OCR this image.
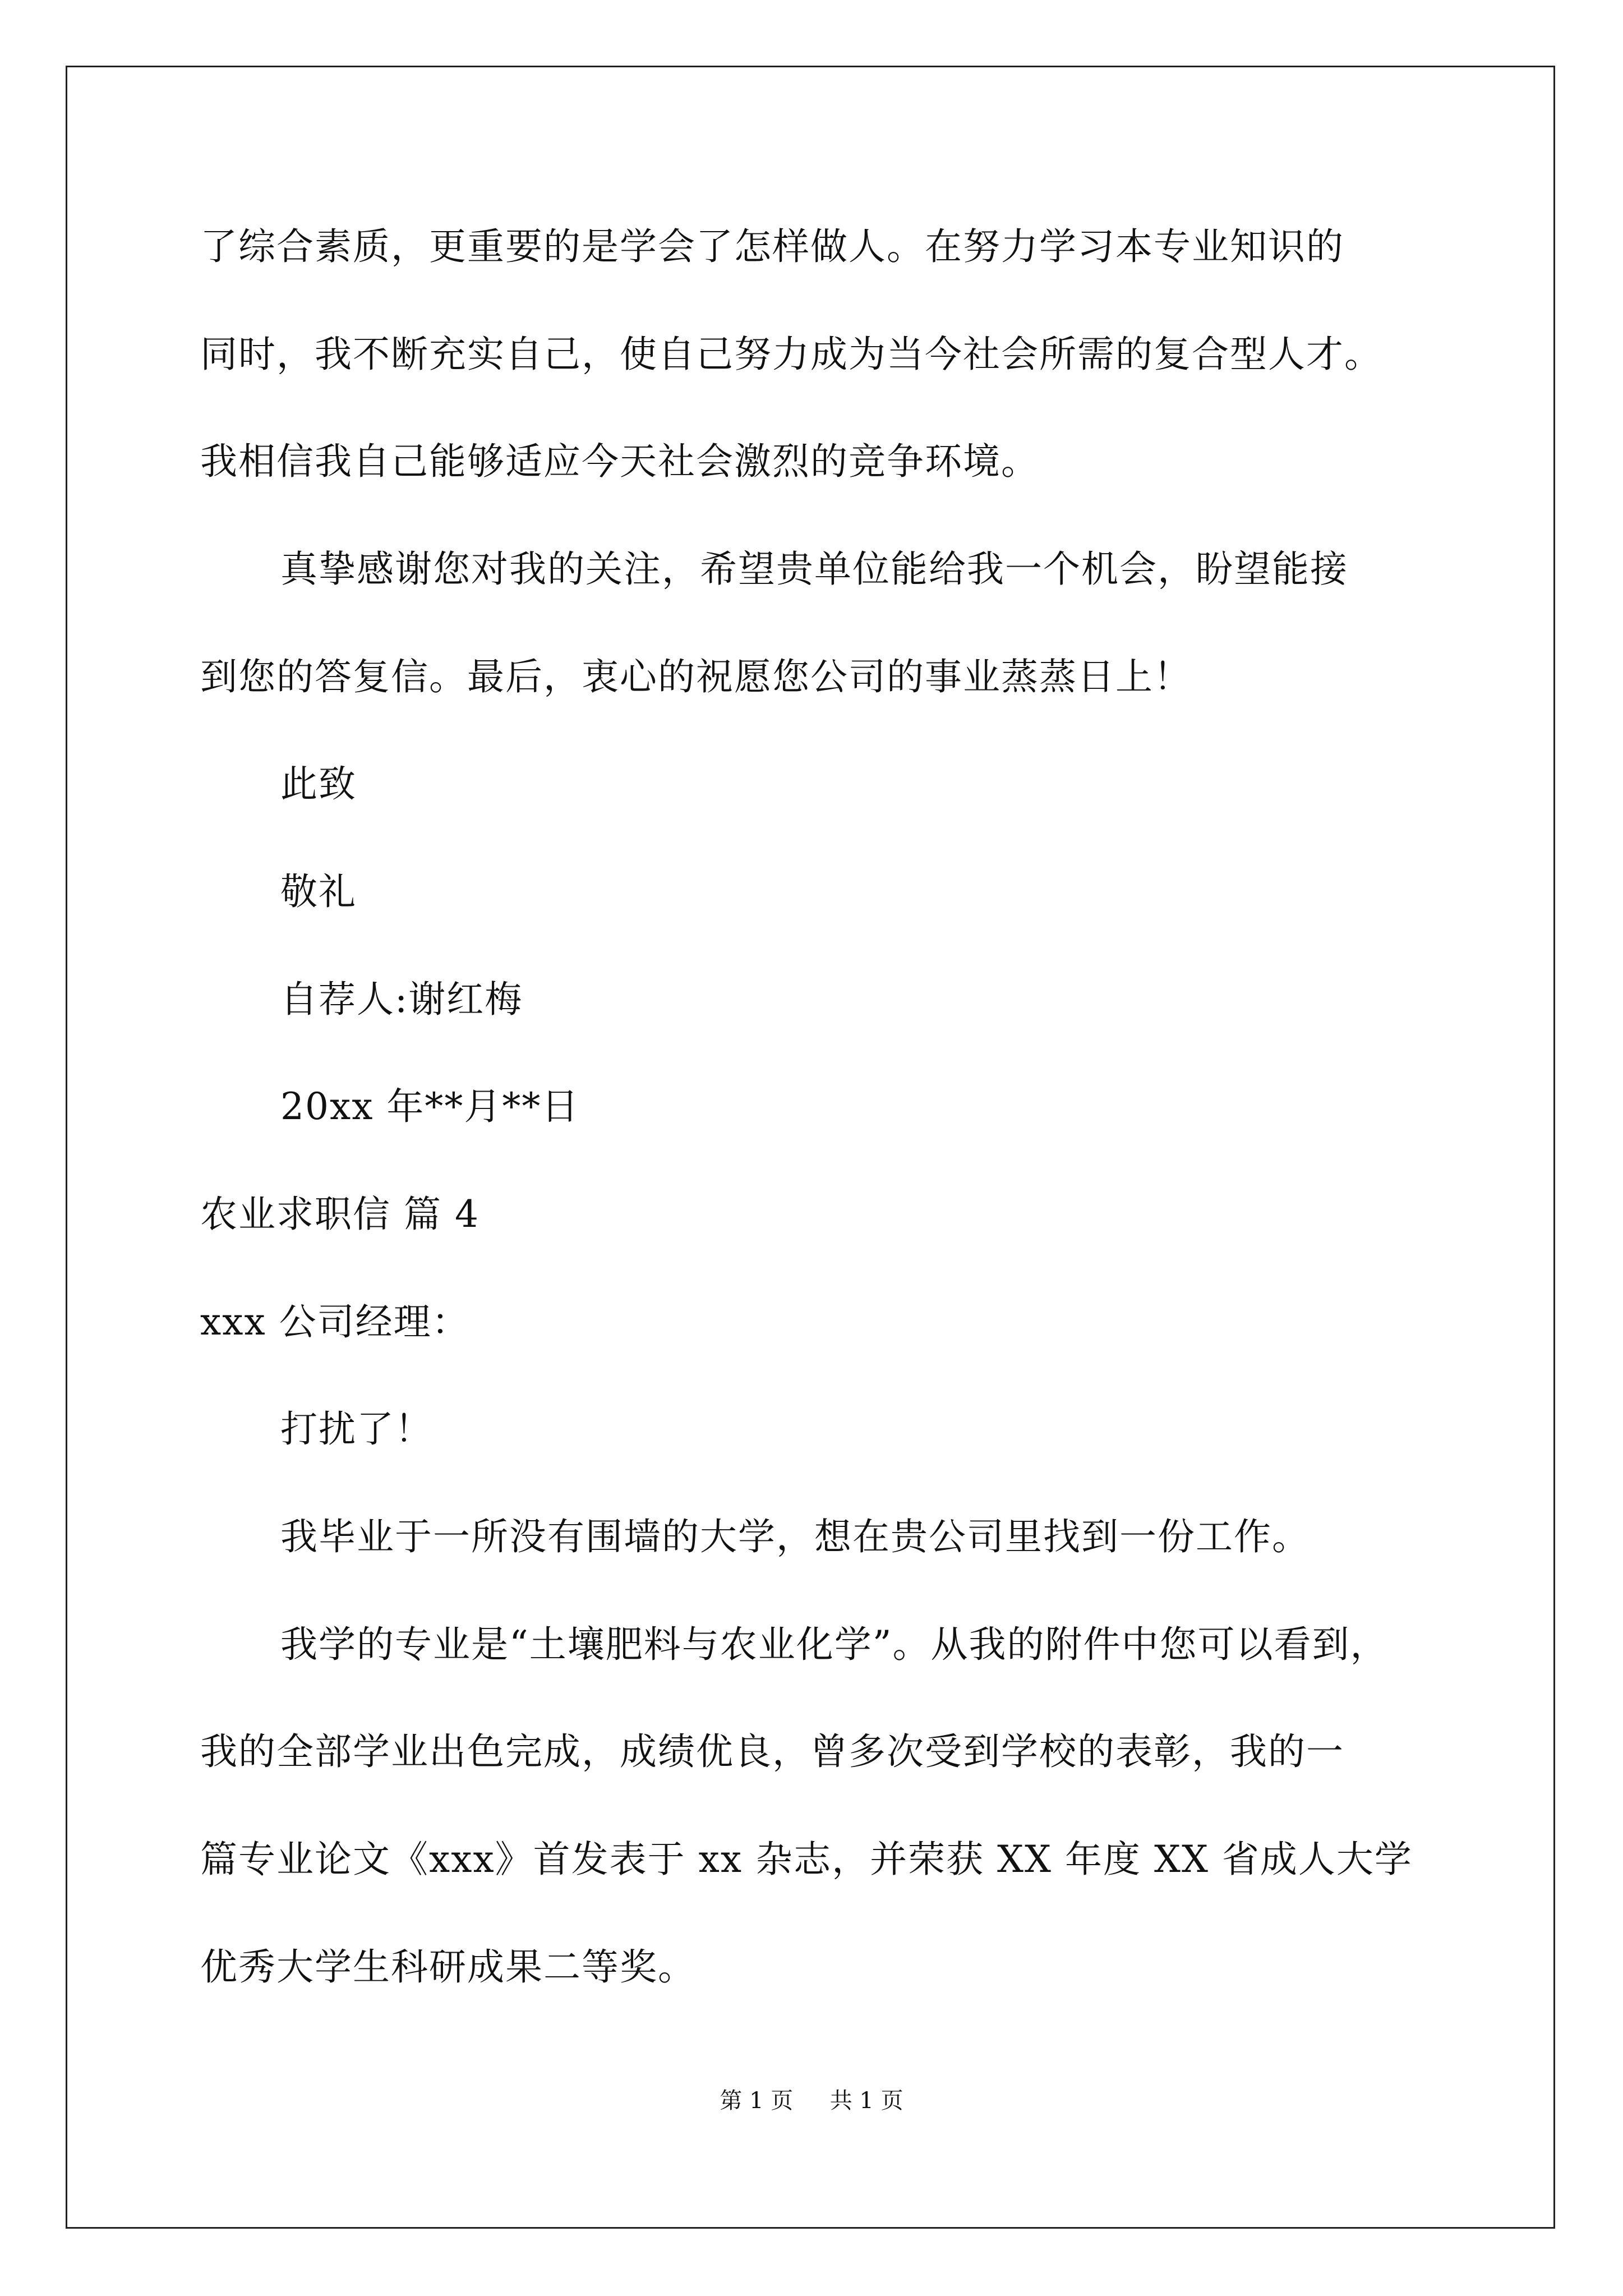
了综合素质，更重要的是学会了怎样做人。在努力学习本专业知识的
同时，我不断充实自己，使自己努力成为当今社会所需的复合型人才。
我相信我自己能够适应今天社会激烈的竞争环境。
真挚感谢您对我的关注，希望贵单位能给我一个机会，盼望能接
到您的答复信。最后，衷心的祝愿您公司的事业蒸蒸日上！
此致
敬礼
自荐人:谢红梅
20xx 年**月**日
农业求职信 篇 4
xxx 公司经理：
打扰了！
我毕业于一所没有围墙的大学，想在贵公司里找到一份工作。
我学的专业是“土壤肥料与农业化学”。从我的附件中您可以看到，
我的全部学业出色完成，成绩优良，曾多次受到学校的表彰，我的一
篇专业论文《xxx》首发表于 xx 杂志，并荣获 XX 年度 XX 省成人大学
优秀大学生科研成果二等奖。
第 1 页 共 1 页
